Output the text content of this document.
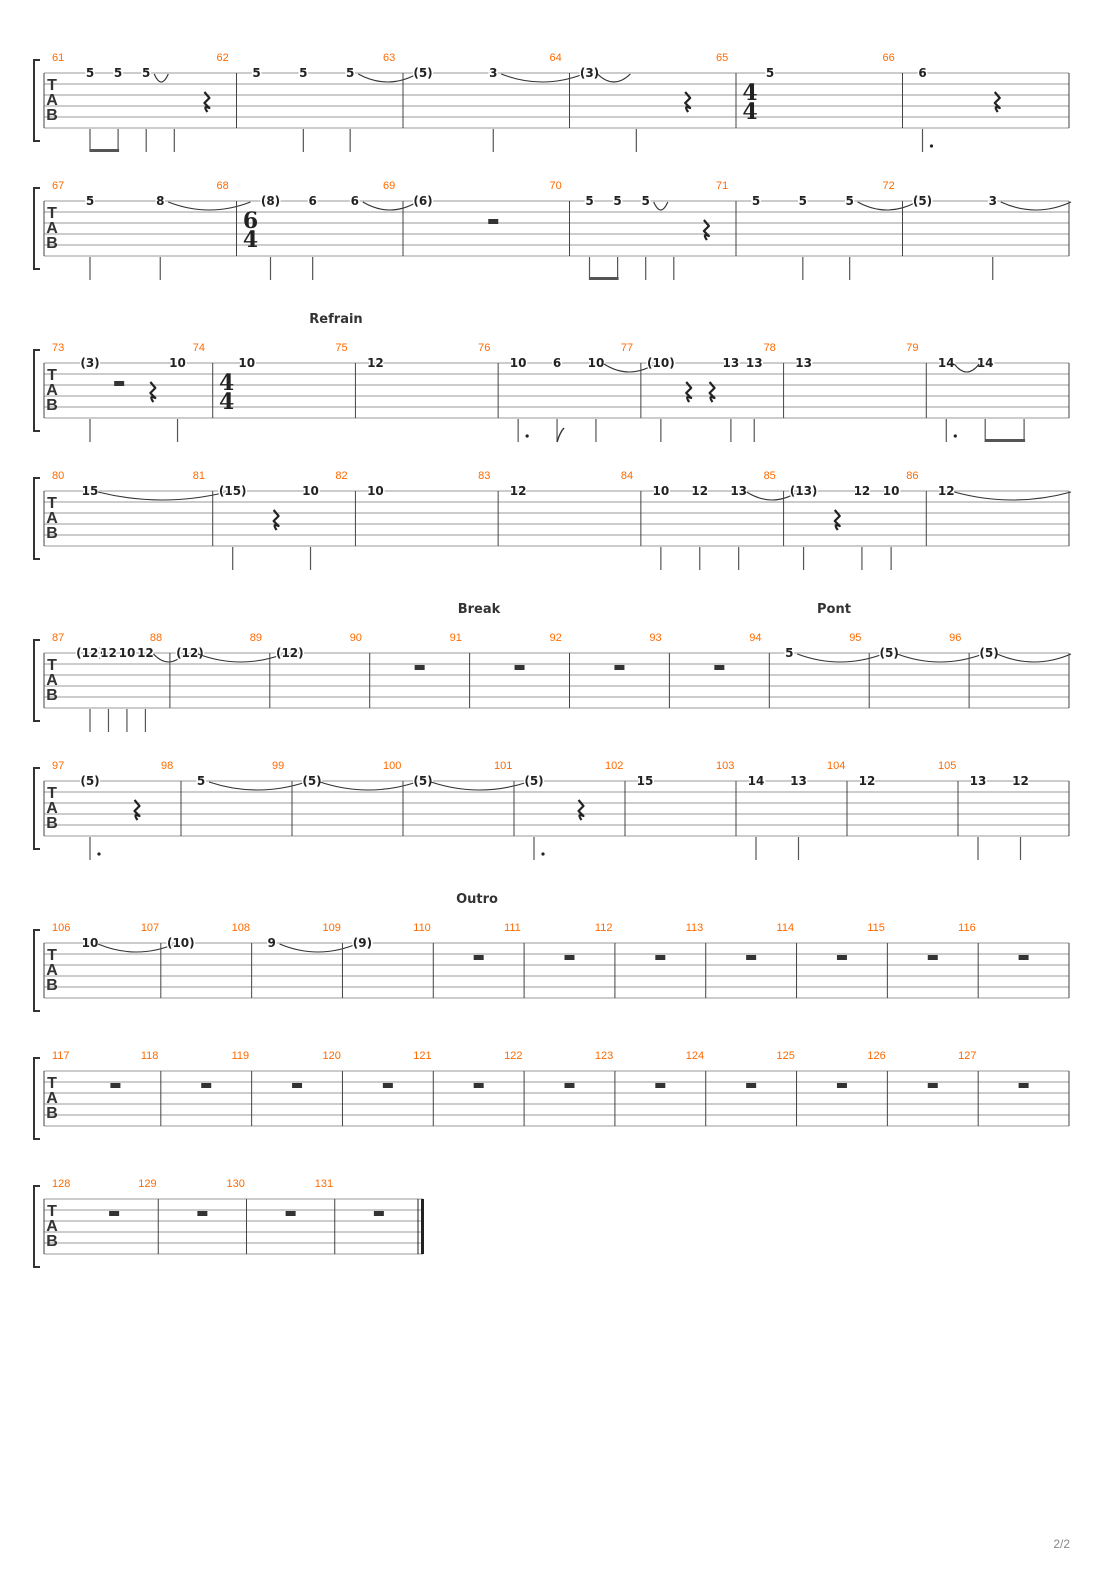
T
A
B
61
5 5 5
62
5	5	5
63
(5)	3
64
(3)
65
4
4
5
66
6
T
A
B
67
5	8
68
6
4
(8) 6	6
69
(6)
70
5 5 5
71
5	5	5
72
(5)	3
Refrain
T
A
B
73
(3)	10
74
4
4
10
75
12
76
10 6 10
77
(10)	13 13
78
13
79
14 14
T
A
B
80
15
81
(15)	10
82
10
83
12
84
10 12 13
85
(13)	12 10
86
12
Break	Pont
T
A
B
87
(12)
12 10 12
88
(12)
89
(12)
90	91	92	93	94
5
95
(5)
96
(5)
T
A
B
97
(5)
98
5
99
(5)
100
(5)
101
(5)
102
15
103
14 13
104
12
105
13 12
Outro
T
A
B
106
10
107
(10)
108
9
109
(9)
110	111	112	113	114	115	116
T
A
B
117	118	119	120	121	122	123	124	125	126	127
T
A
B
128	129	130	131
2/2
